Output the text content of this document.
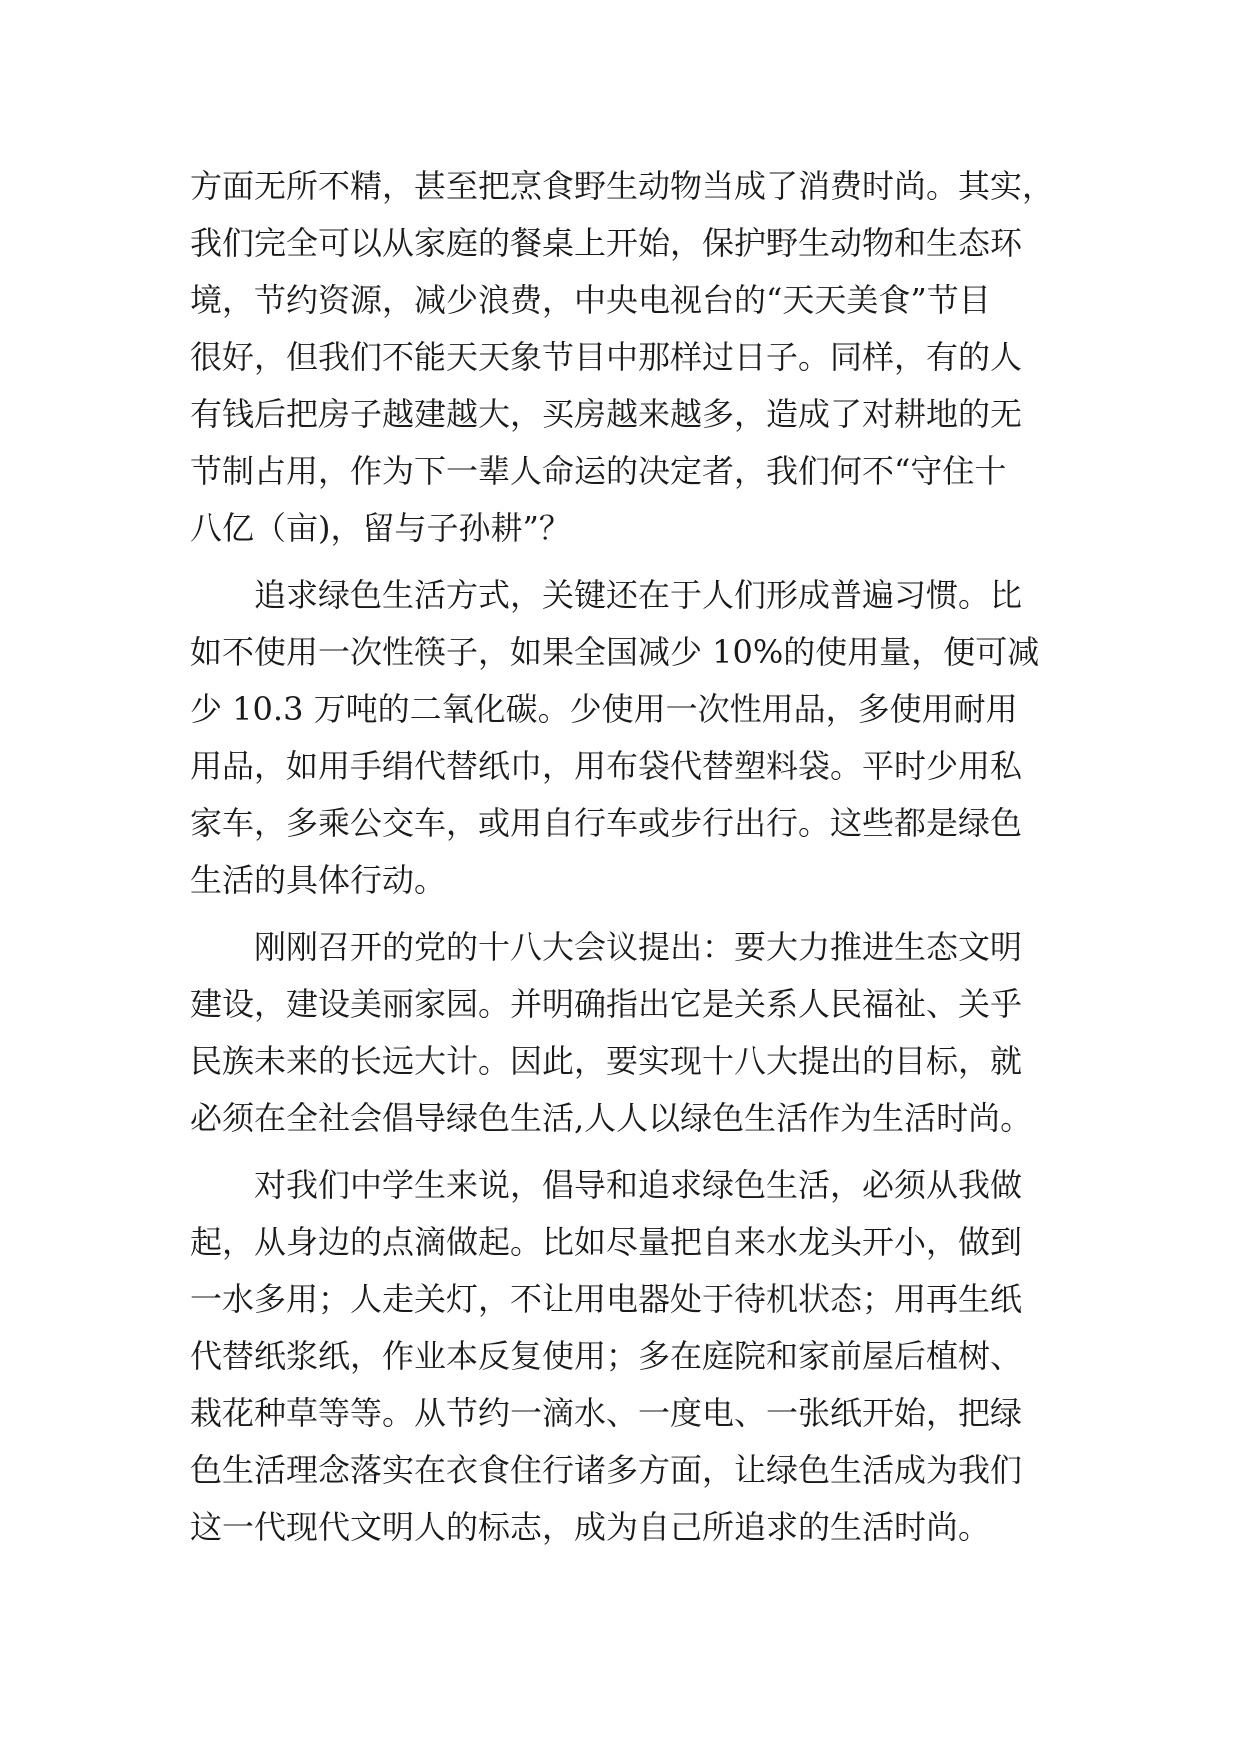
方面无所不精，甚至把烹食野生动物当成了消费时尚。其实，

我们完全可以从家庭的餐桌上开始，保护野生动物和生态环

境，节约资源，减少浪费，中央电视台的“天天美食”节目

很好，但我们不能天天象节目中那样过日子。同样，有的人

有钱后把房子越建越大，买房越来越多，造成了对耕地的无

节制占用，作为下一辈人命运的决定者，我们何不“守住十

八亿（亩)，留与子孙耕”？

　　追求绿色生活方式，关键还在于人们形成普遍习惯。比

如不使用一次性筷子，如果全国减少 10%的使用量，便可减

少 10.3 万吨的二氧化碳。少使用一次性用品，多使用耐用

用品，如用手绢代替纸巾，用布袋代替塑料袋。平时少用私

家车，多乘公交车，或用自行车或步行出行。这些都是绿色

生活的具体行动。

　　刚刚召开的党的十八大会议提出：要大力推进生态文明

建设，建设美丽家园。并明确指出它是关系人民福祉、关乎

民族未来的长远大计。因此，要实现十八大提出的目标，就

必须在全社会倡导绿色生活,人人以绿色生活作为生活时尚。

　　对我们中学生来说，倡导和追求绿色生活，必须从我做

起，从身边的点滴做起。比如尽量把自来水龙头开小，做到

一水多用；人走关灯，不让用电器处于待机状态；用再生纸

代替纸浆纸，作业本反复使用；多在庭院和家前屋后植树、

栽花种草等等。从节约一滴水、一度电、一张纸开始，把绿

色生活理念落实在衣食住行诸多方面，让绿色生活成为我们

这一代现代文明人的标志，成为自己所追求的生活时尚。
